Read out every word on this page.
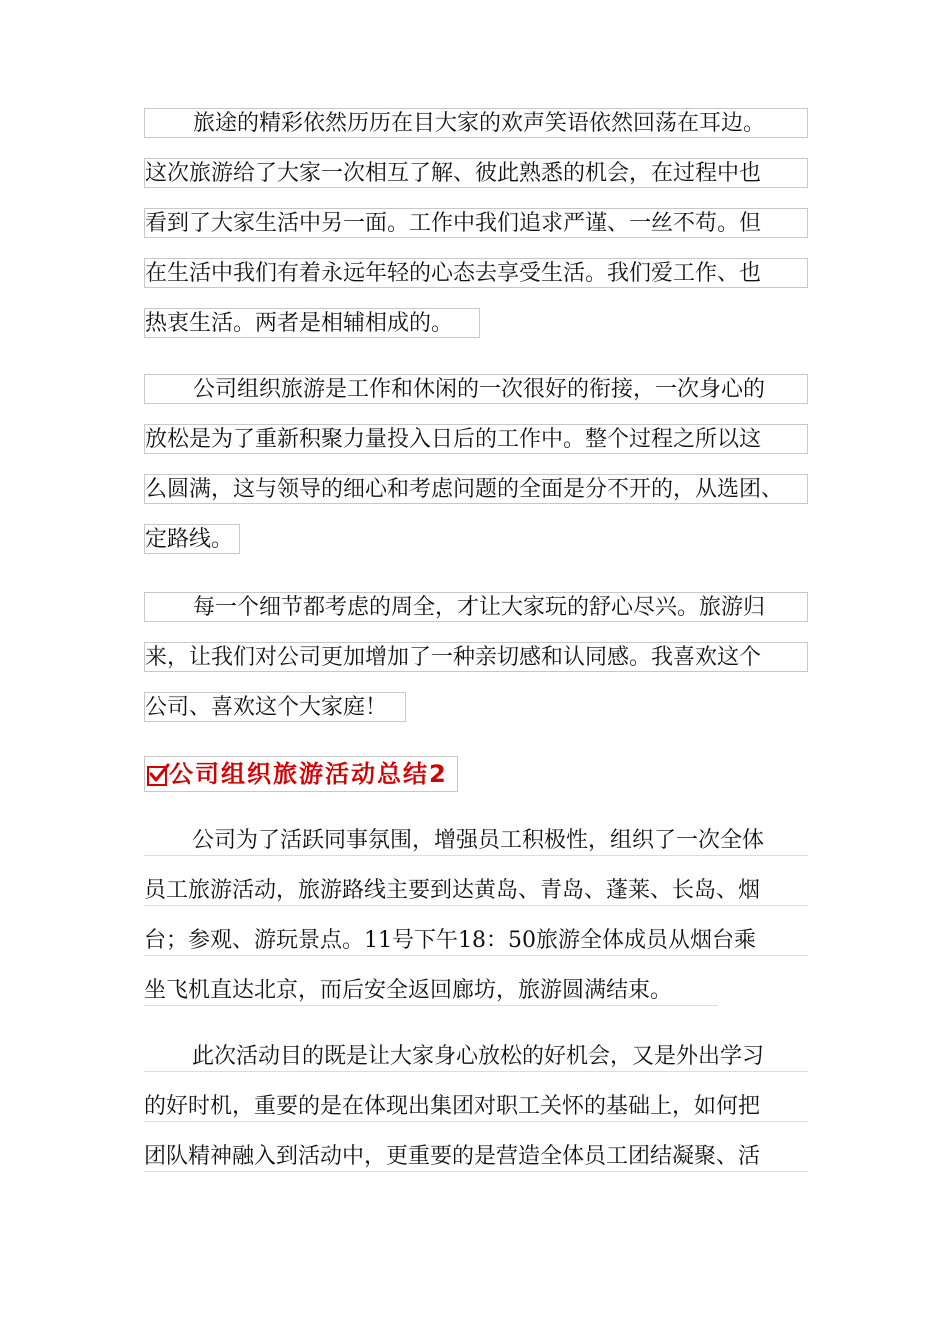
旅途的精彩依然历历在目大家的欢声笑语依然回荡在耳边。
这次旅游给了大家一次相互了解、彼此熟悉的机会，在过程中也
看到了大家生活中另一面。工作中我们追求严谨、一丝不苟。但
在生活中我们有着永远年轻的心态去享受生活。我们爱工作、也
热衷生活。两者是相辅相成的。
公司组织旅游是工作和休闲的一次很好的衔接，一次身心的
放松是为了重新积聚力量投入日后的工作中。整个过程之所以这
么圆满，这与领导的细心和考虑问题的全面是分不开的，从选团、
定路线。
每一个细节都考虑的周全，才让大家玩的舒心尽兴。旅游归
来，让我们对公司更加增加了一种亲切感和认同感。我喜欢这个
公司、喜欢这个大家庭！
公司组织旅游活动总结2
公司为了活跃同事氛围，增强员工积极性，组织了一次全体
员工旅游活动，旅游路线主要到达黄岛、青岛、蓬莱、长岛、烟
台；参观、游玩景点。11号下午18：50旅游全体成员从烟台乘
坐飞机直达北京，而后安全返回廊坊，旅游圆满结束。
此次活动目的既是让大家身心放松的好机会，又是外出学习
的好时机，重要的是在体现出集团对职工关怀的基础上，如何把
团队精神融入到活动中，更重要的是营造全体员工团结凝聚、活
